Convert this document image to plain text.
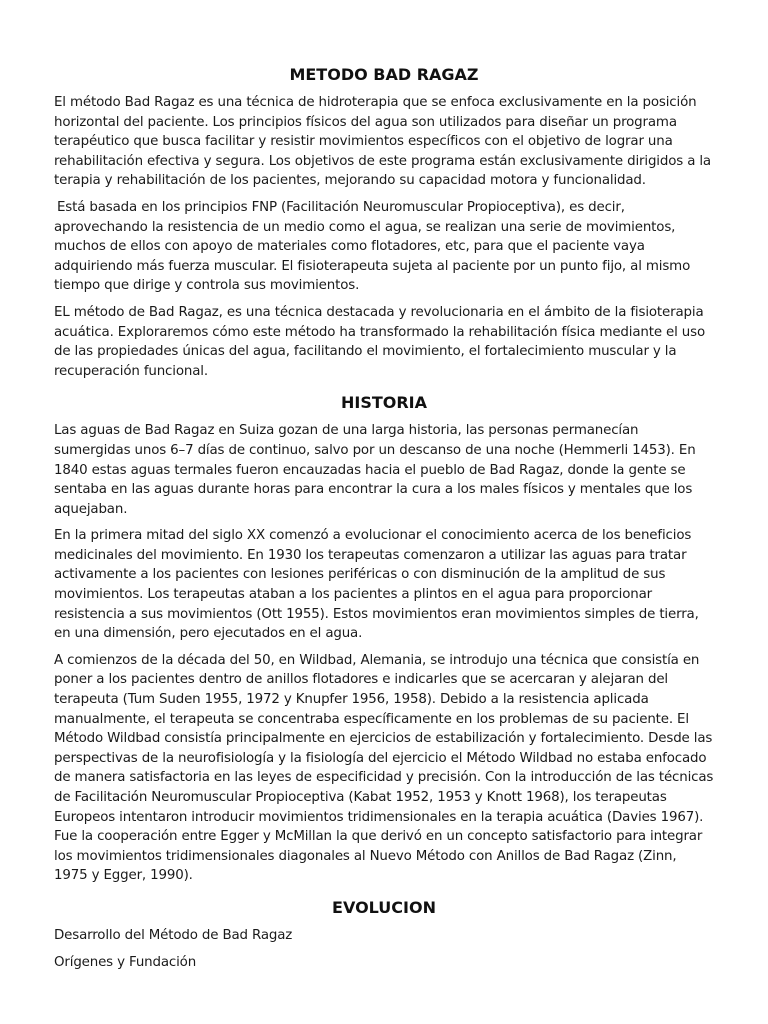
METODO BAD RAGAZ

El método Bad Ragaz es una técnica de hidroterapia que se enfoca exclusivamente en la posición horizontal del paciente. Los principios físicos del agua son utilizados para diseñar un programa terapéutico que busca facilitar y resistir movimientos específicos con el objetivo de lograr una rehabilitación efectiva y segura. Los objetivos de este programa están exclusivamente dirigidos a la terapia y rehabilitación de los pacientes, mejorando su capacidad motora y funcionalidad.

Está basada en los principios FNP (Facilitación Neuromuscular Propioceptiva), es decir, aprovechando la resistencia de un medio como el agua, se realizan una serie de movimientos, muchos de ellos con apoyo de materiales como flotadores, etc, para que el paciente vaya adquiriendo más fuerza muscular. El fisioterapeuta sujeta al paciente por un punto fijo, al mismo tiempo que dirige y controla sus movimientos.

EL método de Bad Ragaz, es una técnica destacada y revolucionaria en el ámbito de la fisioterapia acuática. Exploraremos cómo este método ha transformado la rehabilitación física mediante el uso de las propiedades únicas del agua, facilitando el movimiento, el fortalecimiento muscular y la recuperación funcional.

HISTORIA

Las aguas de Bad Ragaz en Suiza gozan de una larga historia, las personas permanecían sumergidas unos 6–7 días de continuo, salvo por un descanso de una noche (Hemmerli 1453). En 1840 estas aguas termales fueron encauzadas hacia el pueblo de Bad Ragaz, donde la gente se sentaba en las aguas durante horas para encontrar la cura a los males físicos y mentales que los aquejaban.

En la primera mitad del siglo XX comenzó a evolucionar el conocimiento acerca de los beneficios medicinales del movimiento. En 1930 los terapeutas comenzaron a utilizar las aguas para tratar activamente a los pacientes con lesiones periféricas o con disminución de la amplitud de sus movimientos. Los terapeutas ataban a los pacientes a plintos en el agua para proporcionar resistencia a sus movimientos (Ott 1955). Estos movimientos eran movimientos simples de tierra, en una dimensión, pero ejecutados en el agua.

A comienzos de la década del 50, en Wildbad, Alemania, se introdujo una técnica que consistía en poner a los pacientes dentro de anillos flotadores e indicarles que se acercaran y alejaran del terapeuta (Tum Suden 1955, 1972 y Knupfer 1956, 1958). Debido a la resistencia aplicada manualmente, el terapeuta se concentraba específicamente en los problemas de su paciente. El Método Wildbad consistía principalmente en ejercicios de estabilización y fortalecimiento. Desde las perspectivas de la neurofisiología y la fisiología del ejercicio el Método Wildbad no estaba enfocado de manera satisfactoria en las leyes de especificidad y precisión. Con la introducción de las técnicas de Facilitación Neuromuscular Propioceptiva (Kabat 1952, 1953 y Knott 1968), los terapeutas Europeos intentaron introducir movimientos tridimensionales en la terapia acuática (Davies 1967). Fue la cooperación entre Egger y McMillan la que derivó en un concepto satisfactorio para integrar los movimientos tridimensionales diagonales al Nuevo Método con Anillos de Bad Ragaz (Zinn, 1975 y Egger, 1990).

EVOLUCION

Desarrollo del Método de Bad Ragaz

Orígenes y Fundación
